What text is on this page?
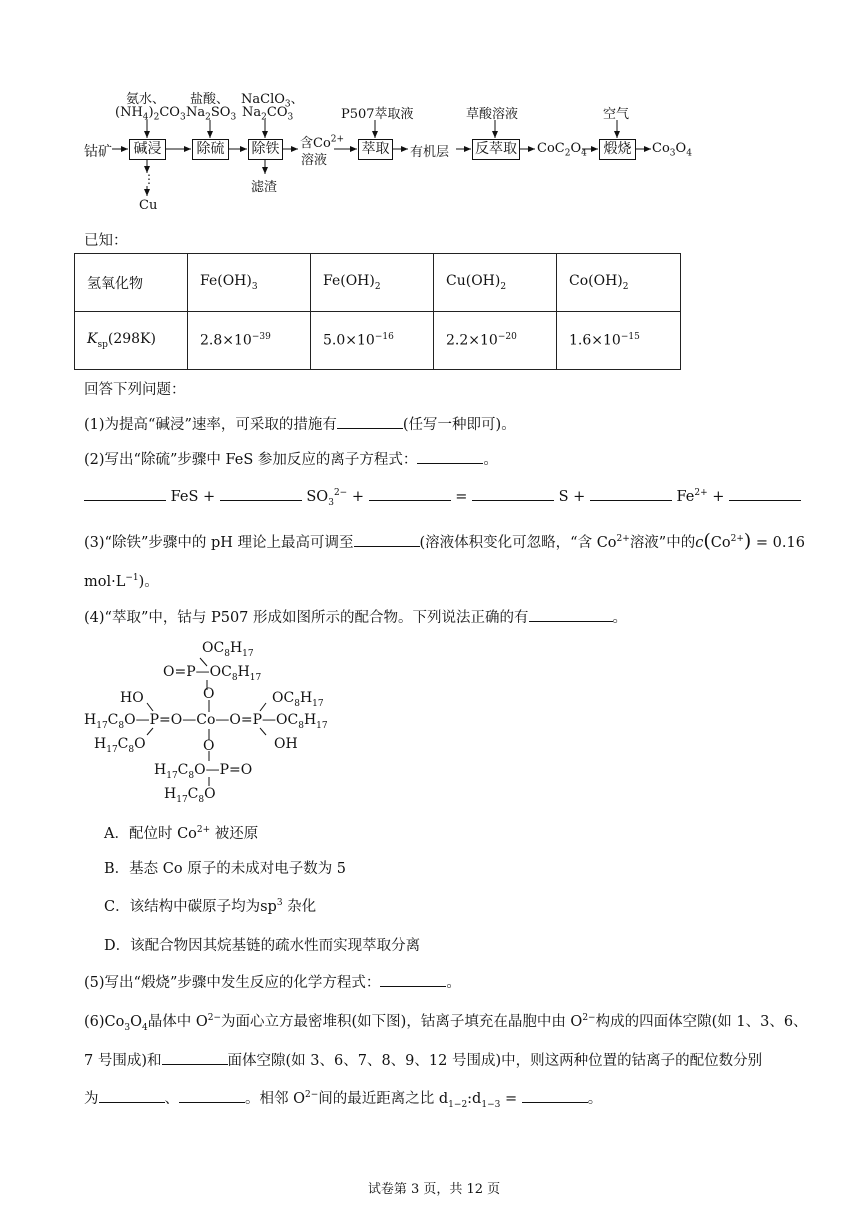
钴矿	碱浸	除硫	除铁	萃取	反萃取	煅烧
氨水、
$(NH_4)_2CO_3$
盐酸、
$Na_2SO_3$
NaClO$_3$、
$Na_2CO_3$	P507萃取液	草酸溶液	空气
含$Co^{2+}$
溶液
有机层	$CoC_2O_4$	$Co_3O_4$
⋮
Cu
滤渣
已知：
氢氧化物	$Fe(OH)_3$	$Fe(OH)_2$	$Cu(OH)_2$	$Co(OH)_2$
$K_{sp}(298K)$	$2.8\times 10^{-39}$	$5.0\times 10^{-16}$	$2.2\times 10^{-20}$	$1.6\times 10^{-15}$
回答下列问题：
(1)为提高“碱浸”速率，可采取的措施有	(任写一种即可)。
(2)写出“除硫”步骤中 FeS 参加反应的离子方程式：	。
FeS +	$SO_3^{2-}$ +	=	S +	$Fe^{2+}$ +
(3)“除铁”步骤中的 pH 理论上最高可调至	(溶液体积变化可忽略，“含 $Co^{2+}$溶液”中的$c(Co^{2+}) = 0.16$
$mol\cdot L^{-1}$)。
(4)“萃取”中，钴与 P507 形成如图所示的配合物。下列说法正确的有	。
$OC_8H_{17}$
$O=P—OC_8H_{17}$
O
HO
$H_{17}C_8O—P=O—Co—O=P—OC_8H_{17}$
$OC_8H_{17}$
$H_{17}C_8O$	OH
O
$H_{17}C_8O—P=O$
$H_{17}C_8O$
A．配位时 $Co^{2+}$ 被还原
B．基态 Co 原子的未成对电子数为 5
C．该结构中碳原子均为$sp^3$ 杂化
D．该配合物因其烷基链的疏水性而实现萃取分离
(5)写出“煅烧”步骤中发生反应的化学方程式：	。
$(6)Co_3O_4$晶体中 $O^{2-}$为面心立方最密堆积(如下图)，钴离子填充在晶胞中由 $O^{2-}$构成的四面体空隙(如 1、3、6、
7 号围成)和	面体空隙(如 3、6、7、8、9、12 号围成)中，则这两种位置的钴离子的配位数分别
为	、	。相邻 $O^{2-}$间的最近距离之比 $d_{1-2}:d_{1-3}$ =	。
试卷第 3 页，共 12 页
